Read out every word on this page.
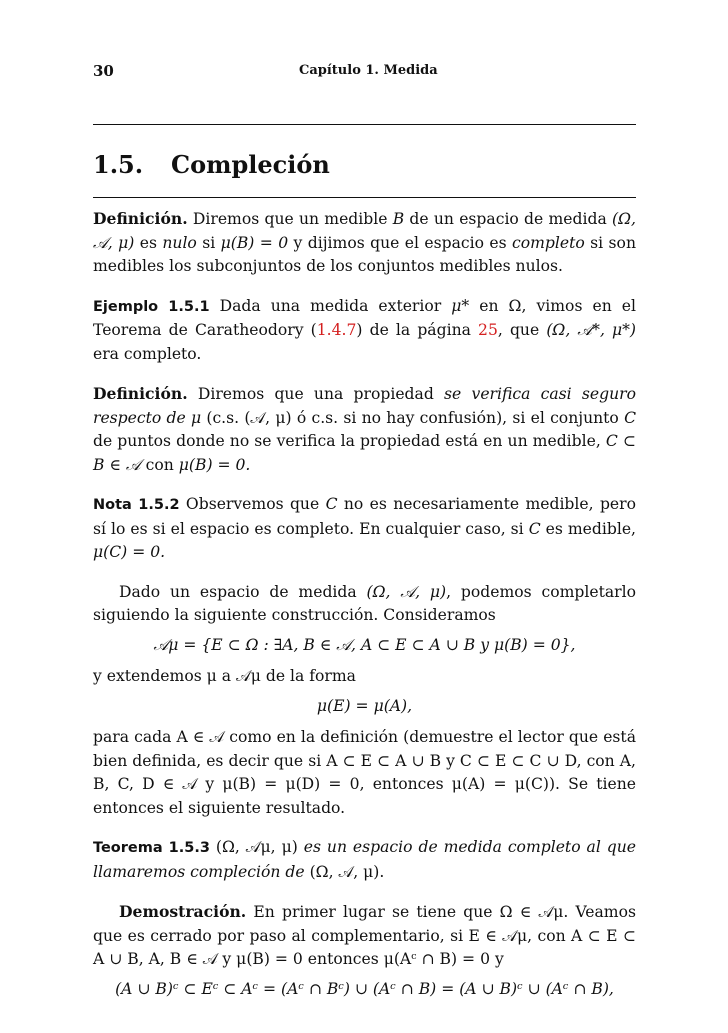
30	Capítulo 1. Medida
1.5. Compleción

Definición. Diremos que un medible B de un espacio de medida (Ω, 𝒜, μ) es nulo si μ(B) = 0 y dijimos que el espacio es completo si son medibles los subconjuntos de los conjuntos medibles nulos.

Ejemplo 1.5.1 Dada una medida exterior μ* en Ω, vimos en el Teorema de Caratheodory (1.4.7) de la página 25, que (Ω, 𝒜*, μ*) era completo.

Definición. Diremos que una propiedad se verifica casi seguro respecto de μ (c.s. (𝒜, μ) ó c.s. si no hay confusión), si el conjunto C de puntos donde no se verifica la propiedad está en un medible, C ⊂ B ∈ 𝒜 con μ(B) = 0.

Nota 1.5.2 Observemos que C no es necesariamente medible, pero sí lo es si el espacio es completo. En cualquier caso, si C es medible, μ(C) = 0.

Dado un espacio de medida (Ω, 𝒜, μ), podemos completarlo siguiendo la siguiente construcción. Consideramos

𝒜μ = {E ⊂ Ω : ∃A, B ∈ 𝒜, A ⊂ E ⊂ A ∪ B y μ(B) = 0},

y extendemos μ a 𝒜μ de la forma

μ(E) = μ(A),

para cada A ∈ 𝒜 como en la definición (demuestre el lector que está bien definida, es decir que si A ⊂ E ⊂ A ∪ B y C ⊂ E ⊂ C ∪ D, con A, B, C, D ∈ 𝒜 y μ(B) = μ(D) = 0, entonces μ(A) = μ(C)). Se tiene entonces el siguiente resultado.

Teorema 1.5.3 (Ω, 𝒜μ, μ) es un espacio de medida completo al que llamaremos compleción de (Ω, 𝒜, μ).

Demostración. En primer lugar se tiene que Ω ∈ 𝒜μ. Veamos que es cerrado por paso al complementario, si E ∈ 𝒜μ, con A ⊂ E ⊂ A ∪ B, A, B ∈ 𝒜 y μ(B) = 0 entonces μ(Aᶜ ∩ B) = 0 y

(A ∪ B)ᶜ ⊂ Eᶜ ⊂ Aᶜ = (Aᶜ ∩ Bᶜ) ∪ (Aᶜ ∩ B) = (A ∪ B)ᶜ ∪ (Aᶜ ∩ B),
